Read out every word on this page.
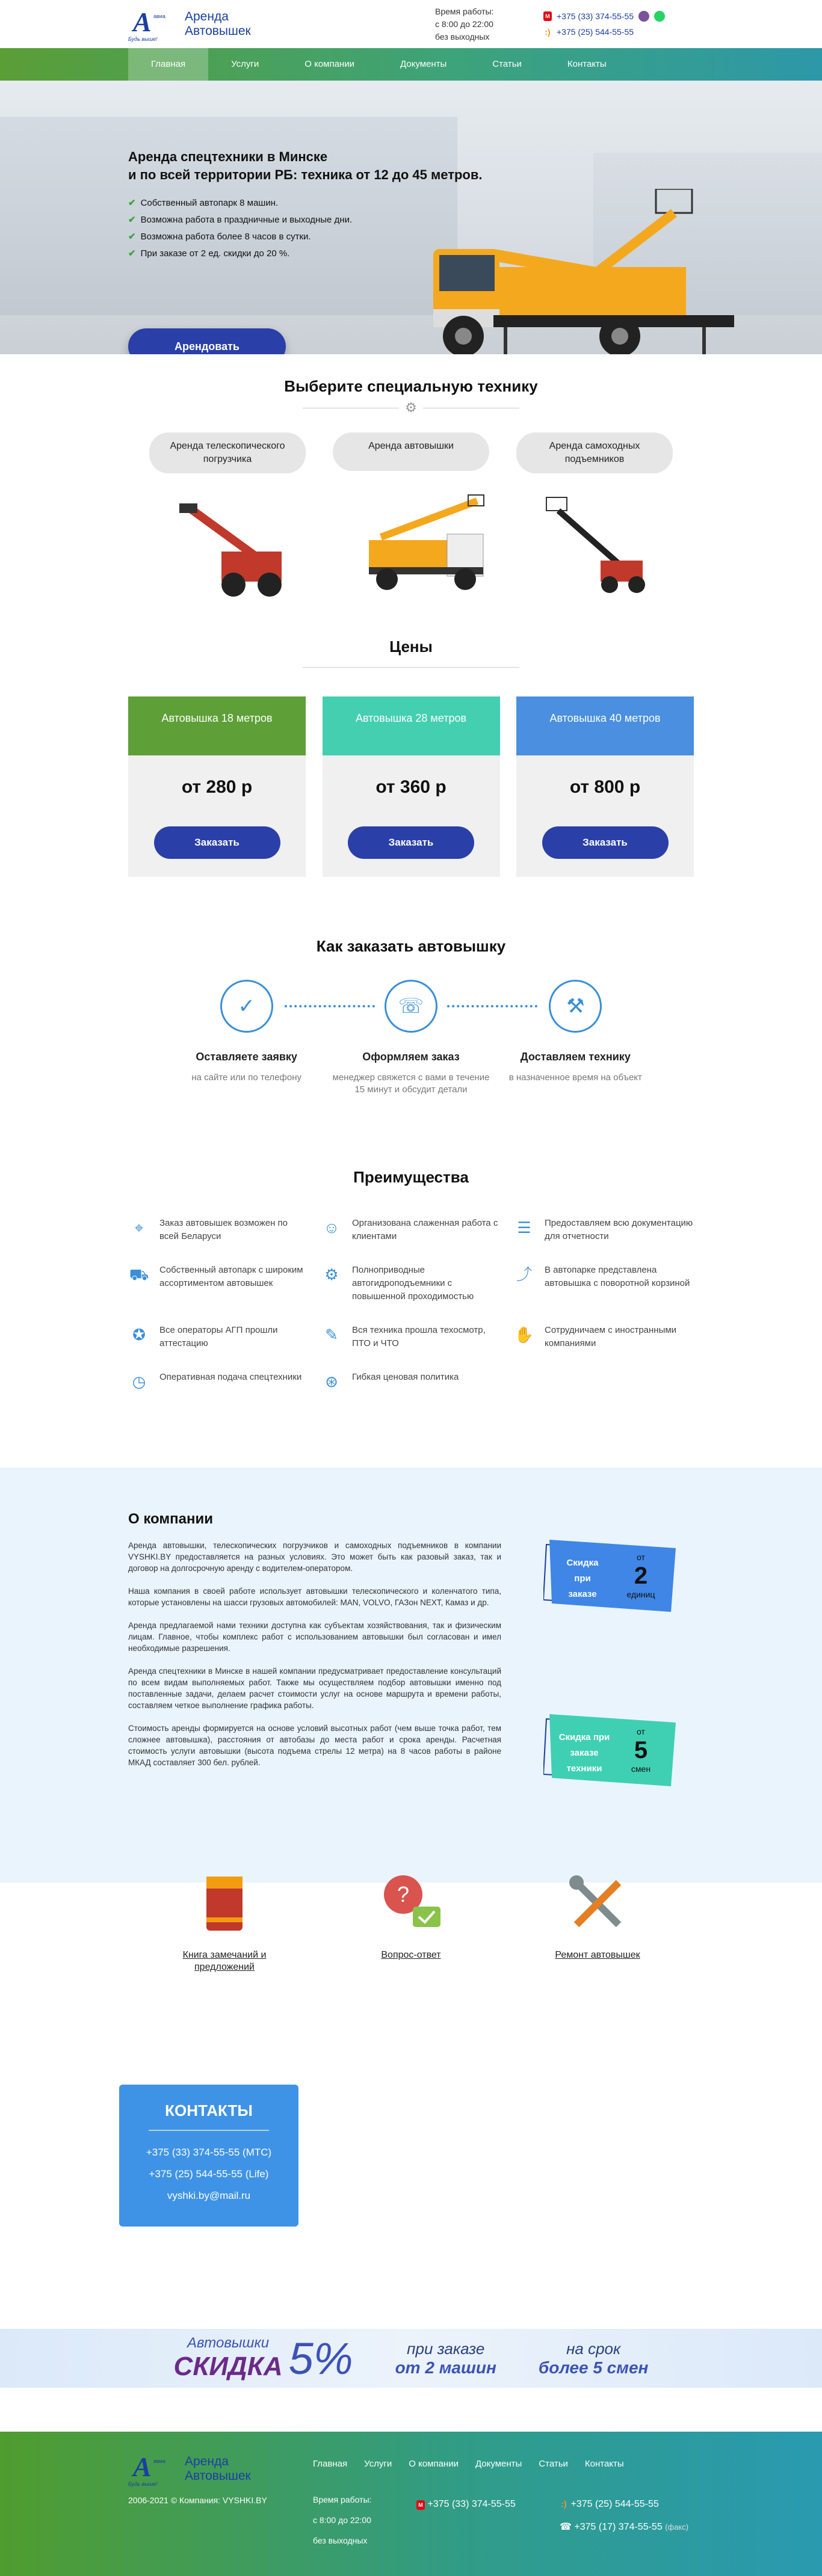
A авиа
Будь выше!
Аренда
Автовышек
Время работы:
с 8:00 до 22:00
без выходных
M +375 (33) 374-55-55
:) +375 (25) 544-55-55
Главная	Услуги	О компании	Документы	Статьи	Контакты
Аренда спецтехники в Минске
и по всей территории РБ: техника от 12 до 45 метров.
✔ Собственный автопарк 8 машин.
✔ Возможна работа в праздничные и выходные дни.
✔ Возможна работа более 8 часов в сутки.
✔ При заказе от 2 ед. скидки до 20 %.
Арендовать
Выберите специальную технику
⚙
Аренда телескопического погрузчика
Аренда автовышки	Аренда самоходных подъемников
Цены
Автовышка 18 метров
от 280 р
Заказать
Автовышка 28 метров
от 360 р
Заказать
Автовышка 40 метров
от 800 р
Заказать
Как заказать автовышку
✓
Оставляете заявку

на сайте или по телефону

☏
Оформляем заказ

менеджер свяжется с вами в течение 15 минут и обсудит детали

⚒
Доставляем технику

в назначенное время на объект

Преимущества
⌖	Заказ автовышек возможен по всей Беларуси	☺	Организована слаженная работа с клиентами	☰	Предоставляем всю документацию для отчетности
⛟ Собственный автопарк с широким ассортиментом автовышек	⚙	Полноприводные автогидроподъемники с повышенной проходимостью
⤴	В автопарке представлена автовышка с поворотной корзиной
✪	Все операторы АГП прошли аттестацию	✎	Вся техника прошла техосмотр, ПТО и ЧТО	✋ Сотрудничаем с иностранными компаниями
◷	Оперативная подача спецтехники ⊛	Гибкая ценовая политика
О компании

Аренда автовышки, телескопических погрузчиков и самоходных подъемников в компании VYSHKI.BY предоставляется на разных условиях. Это может быть как разовый заказ, так и договор на долгосрочную аренду с водителем-оператором.

Наша компания в своей работе использует автовышки телескопического и коленчатого типа, которые установлены на шасси грузовых автомобилей: MAN, VOLVO, ГАЗон NEXT, Камаз и др.

Аренда предлагаемой нами техники доступна как субъектам хозяйствования, так и физическим лицам. Главное, чтобы комплекс работ с использованием автовышки был согласован и имел необходимые разрешения.

Аренда спецтехники в Минске в нашей компании предусматривает предоставление консультаций по всем видам выполняемых работ. Также мы осуществляем подбор автовышки именно под поставленные задачи, делаем расчет стоимости услуг на основе маршрута и времени работы, составляем четкое выполнение графика работы.

Стоимость аренды формируется на основе условий высотных работ (чем выше точка работ, тем сложнее автовышка), расстояния от автобазы до места работ и срока аренды. Расчетная стоимость услуги автовышки (высота подъема стрелы 12 метра) на 8 часов работы в районе МКАД составляет 300 бел. рублей.

Скидка при заказе
от
2
единиц
Скидка при заказе техники
от
5
смен
Книга замечаний и предложений
?
Вопрос-ответ	Ремонт автовышек
КОНТАКТЫ

+375 (33) 374-55-55 (МТС)

+375 (25) 544-55-55 (Life)

vyshki.by@mail.ru

Автовышки
СКИДКА 5%	при заказе
от 2 машин
на срок
более 5 смен
A авиа
Будь выше!
Аренда
Автовышек
2006-2021 © Компания: VYSHKI.BY
Главная Услуги О компании Документы Статьи Контакты
Время работы:
с 8:00 до 22:00
без выходных
M +375 (33) 374-55-55	:) +375 (25) 544-55-55
☎ +375 (17) 374-55-55 (факс)
